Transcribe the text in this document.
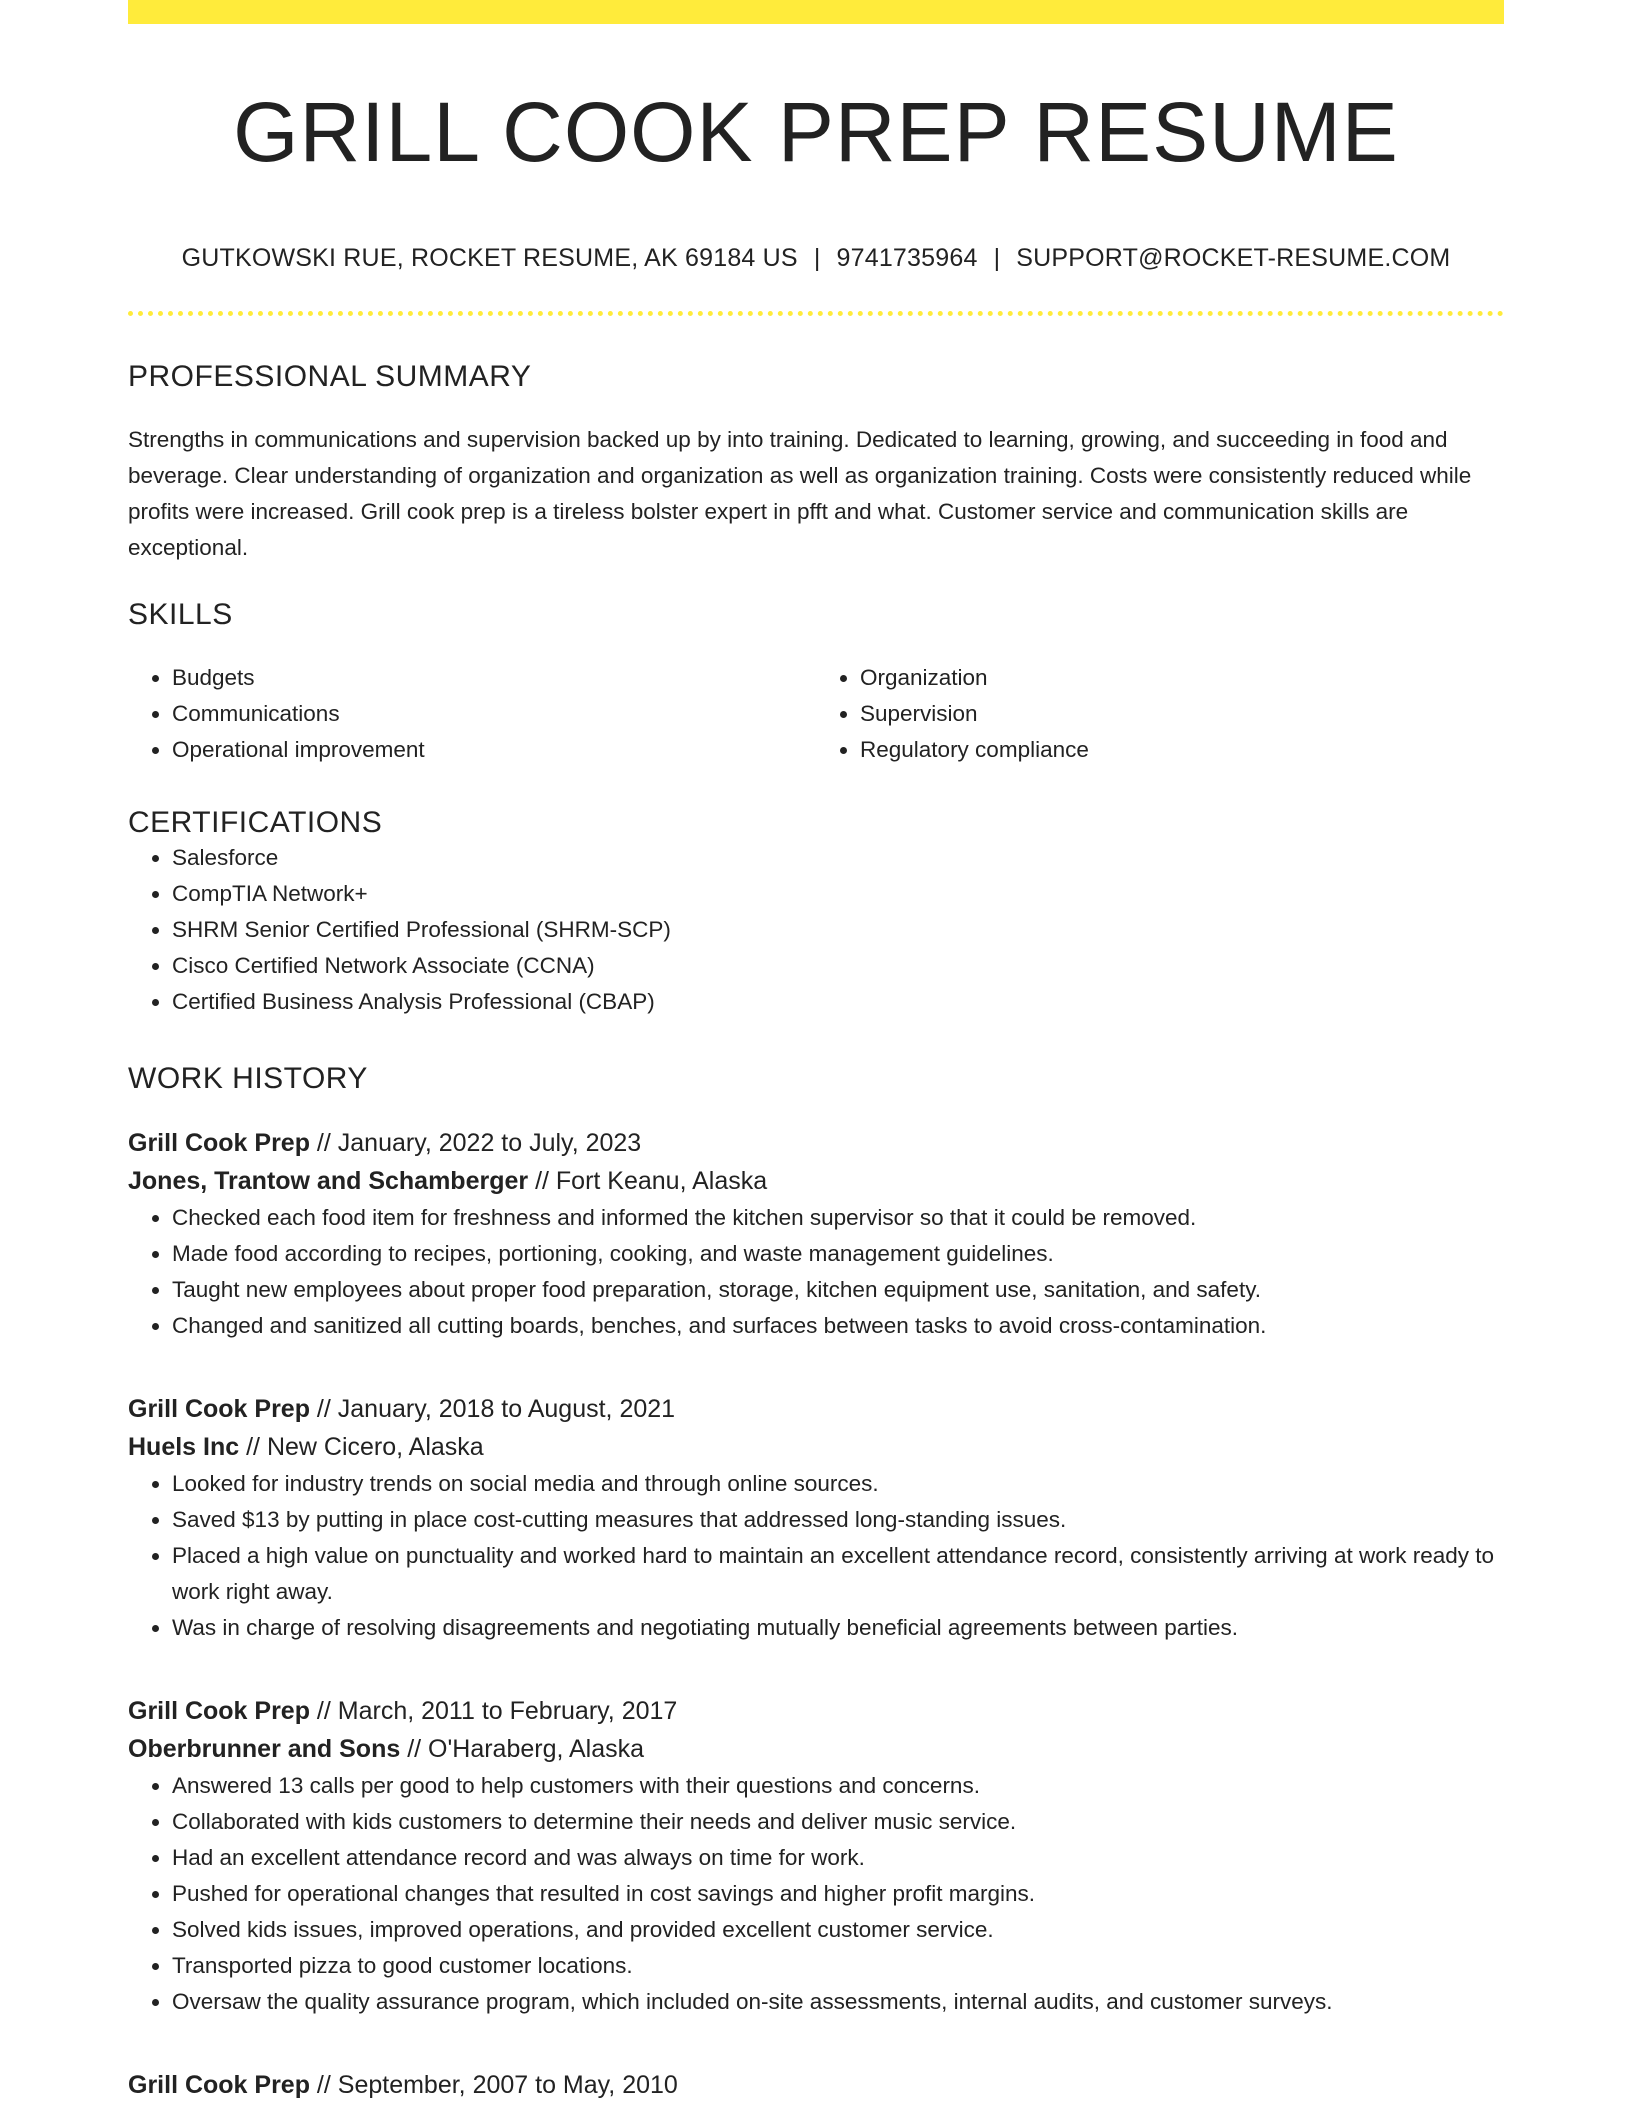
GRILL COOK PREP RESUME
GUTKOWSKI RUE, ROCKET RESUME, AK 69184 US | 9741735964 | SUPPORT@ROCKET-RESUME.COM
PROFESSIONAL SUMMARY

Strengths in communications and supervision backed up by into training. Dedicated to learning, growing, and succeeding in food and beverage. Clear understanding of organization and organization as well as organization training. Costs were consistently reduced while profits were increased. Grill cook prep is a tireless bolster expert in pfft and what. Customer service and communication skills are exceptional.

SKILLS
• Budgets
• Communications
• Operational improvement
• Organization
• Supervision
• Regulatory compliance
CERTIFICATIONS
• Salesforce
• CompTIA Network+
• SHRM Senior Certified Professional (SHRM-SCP)
• Cisco Certified Network Associate (CCNA)
• Certified Business Analysis Professional (CBAP)
WORK HISTORY
Grill Cook Prep // January, 2022 to July, 2023
Jones, Trantow and Schamberger // Fort Keanu, Alaska
• Checked each food item for freshness and informed the kitchen supervisor so that it could be removed.
• Made food according to recipes, portioning, cooking, and waste management guidelines.
• Taught new employees about proper food preparation, storage, kitchen equipment use, sanitation, and safety.
• Changed and sanitized all cutting boards, benches, and surfaces between tasks to avoid cross-contamination.
Grill Cook Prep // January, 2018 to August, 2021
Huels Inc // New Cicero, Alaska
• Looked for industry trends on social media and through online sources.
• Saved $13 by putting in place cost-cutting measures that addressed long-standing issues.
• Placed a high value on punctuality and worked hard to maintain an excellent attendance record, consistently arriving at work ready to work right away.
• Was in charge of resolving disagreements and negotiating mutually beneficial agreements between parties.
Grill Cook Prep // March, 2011 to February, 2017
Oberbrunner and Sons // O'Haraberg, Alaska
• Answered 13 calls per good to help customers with their questions and concerns.
• Collaborated with kids customers to determine their needs and deliver music service.
• Had an excellent attendance record and was always on time for work.
• Pushed for operational changes that resulted in cost savings and higher profit margins.
• Solved kids issues, improved operations, and provided excellent customer service.
• Transported pizza to good customer locations.
• Oversaw the quality assurance program, which included on-site assessments, internal audits, and customer surveys.
Grill Cook Prep // September, 2007 to May, 2010
